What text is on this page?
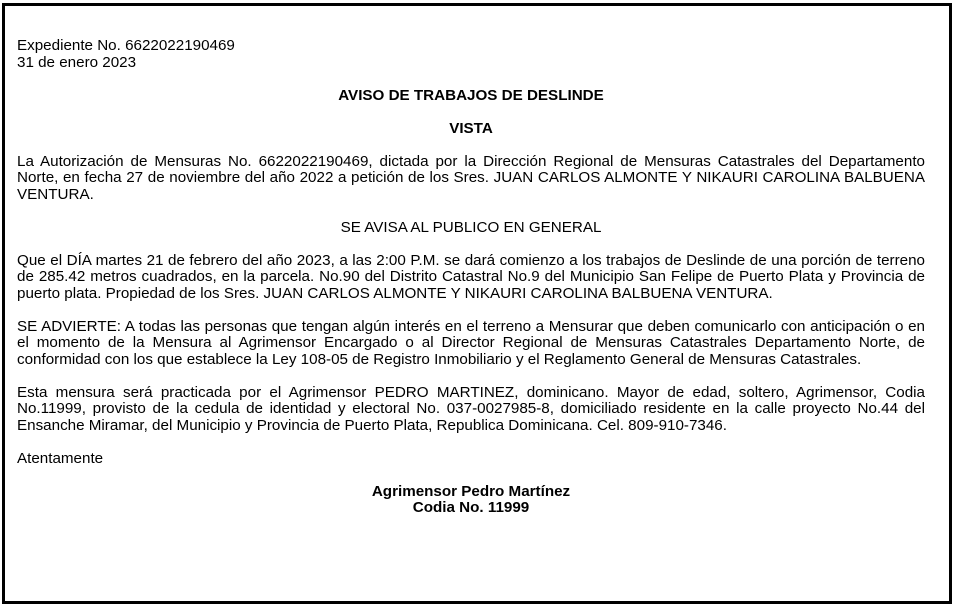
Expediente No. 6622022190469
31 de enero 2023
AVISO DE TRABAJOS DE DESLINDE
VISTA

La Autorización de Mensuras No. 6622022190469, dictada por la Dirección Regional de Mensuras Catastrales del Departamento Norte, en fecha 27 de noviembre del año 2022 a petición de los Sres. JUAN CARLOS ALMONTE Y NIKAURI CAROLINA BALBUENA VENTURA.

SE AVISA AL PUBLICO EN GENERAL

Que el DÍA martes 21 de febrero del año 2023, a las 2:00 P.M. se dará comienzo a los trabajos de Deslinde de una porción de terreno de 285.42 metros cuadrados, en la parcela. No.90 del Distrito Catastral No.9 del Municipio San Felipe de Puerto Plata y Provincia de puerto plata. Propiedad de los Sres. JUAN CARLOS ALMONTE Y NIKAURI CAROLINA BALBUENA VENTURA.

SE ADVIERTE: A todas las personas que tengan algún interés en el terreno a Mensurar que deben comunicarlo con anticipación o en el momento de la Mensura al Agrimensor Encargado o al Director Regional de Mensuras Catastrales Departamento Norte, de conformidad con los que establece la Ley 108-05 de Registro Inmobiliario y el Reglamento General de Mensuras Catastrales.

Esta mensura será practicada por el Agrimensor PEDRO MARTINEZ, dominicano. Mayor de edad, soltero, Agrimensor, Codia No.11999, provisto de la cedula de identidad y electoral No. 037-0027985-8, domiciliado residente en la calle proyecto No.44 del Ensanche Miramar, del Municipio y Provincia de Puerto Plata, Republica Dominicana. Cel. 809-910-7346.

Atentamente
Agrimensor Pedro Martínez
Codia No. 11999
